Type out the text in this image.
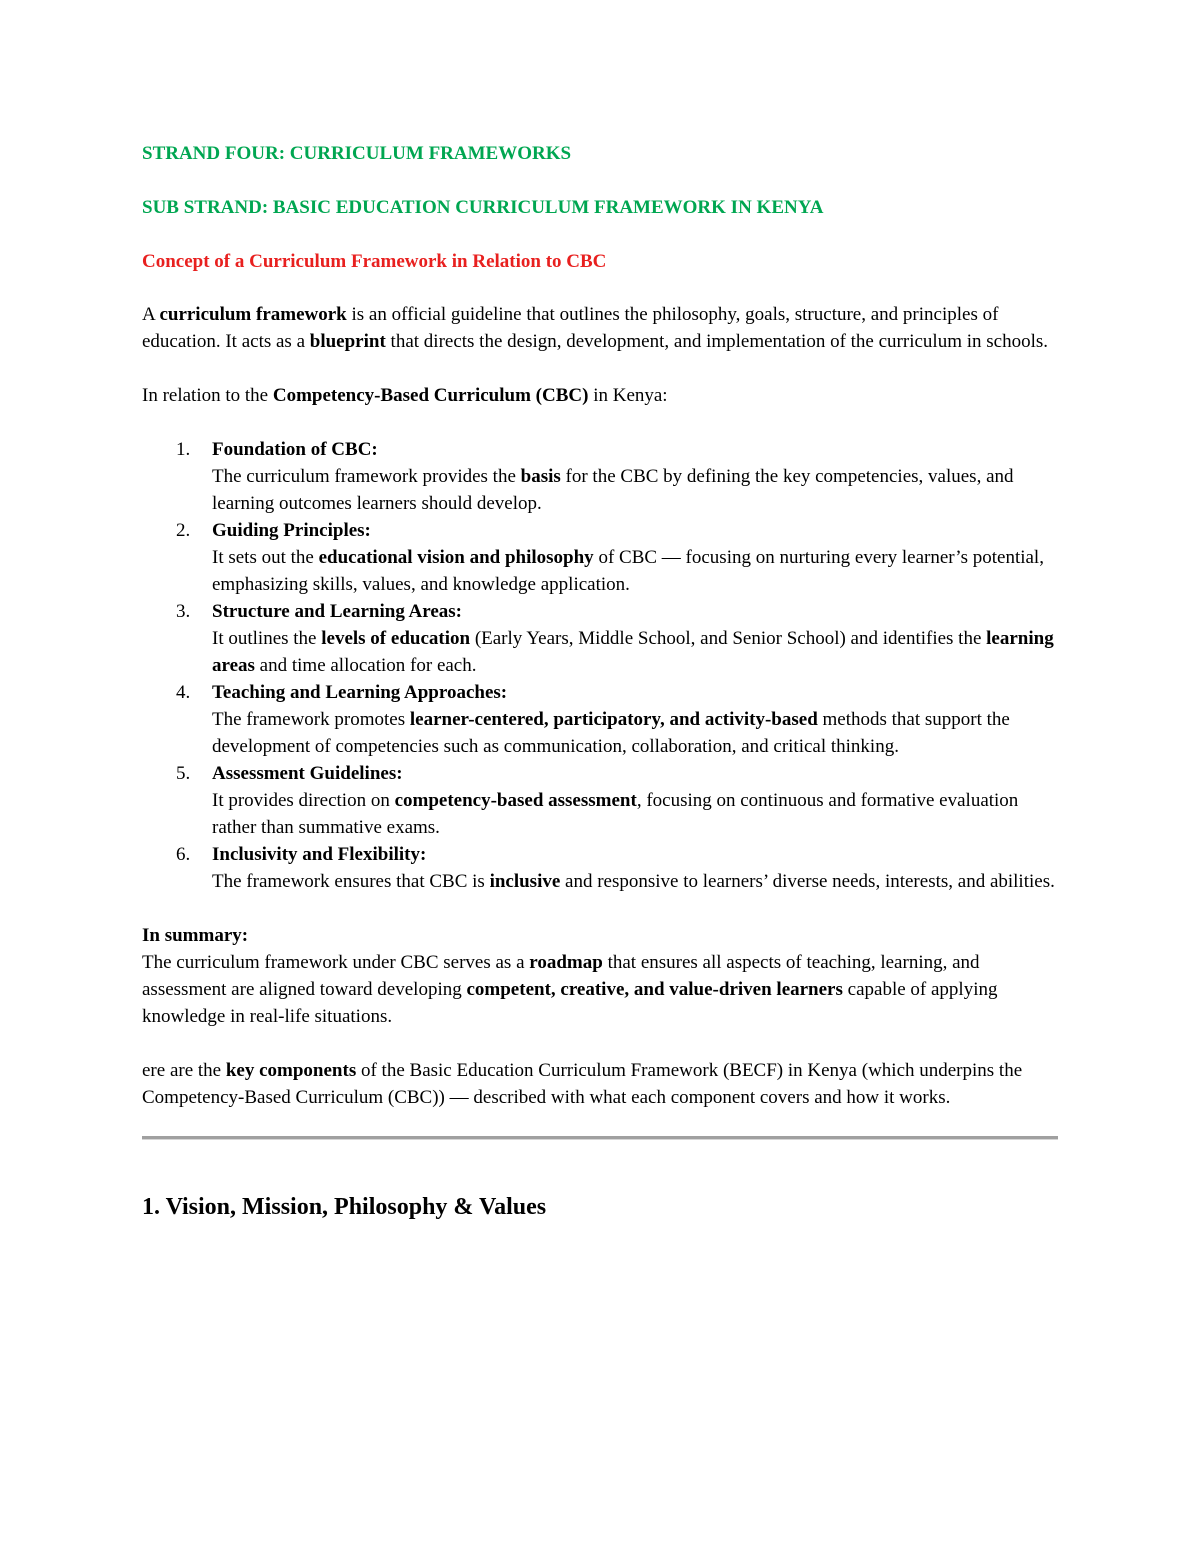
STRAND FOUR: CURRICULUM FRAMEWORKS

SUB STRAND: BASIC EDUCATION CURRICULUM FRAMEWORK IN KENYA

Concept of a Curriculum Framework in Relation to CBC

A curriculum framework is an official guideline that outlines the philosophy, goals, structure, and principles of education. It acts as a blueprint that directs the design, development, and implementation of the curriculum in schools.

In relation to the Competency-Based Curriculum (CBC) in Kenya:

1. Foundation of CBC:
The curriculum framework provides the basis for the CBC by defining the key competencies, values, and learning outcomes learners should develop.
2. Guiding Principles:
It sets out the educational vision and philosophy of CBC — focusing on nurturing every learner’s potential, emphasizing skills, values, and knowledge application.
3. Structure and Learning Areas:
It outlines the levels of education (Early Years, Middle School, and Senior School) and identifies the learning areas and time allocation for each.
4. Teaching and Learning Approaches:
The framework promotes learner-centered, participatory, and activity-based methods that support the development of competencies such as communication, collaboration, and critical thinking.
5. Assessment Guidelines:
It provides direction on competency-based assessment, focusing on continuous and formative evaluation rather than summative exams.
6. Inclusivity and Flexibility:
The framework ensures that CBC is inclusive and responsive to learners’ diverse needs, interests, and abilities.

In summary:
The curriculum framework under CBC serves as a roadmap that ensures all aspects of teaching, learning, and assessment are aligned toward developing competent, creative, and value-driven learners capable of applying knowledge in real-life situations.

ere are the key components of the Basic Education Curriculum Framework (BECF) in Kenya (which underpins the Competency-Based Curriculum (CBC)) — described with what each component covers and how it works.

1. Vision, Mission, Philosophy & Values
